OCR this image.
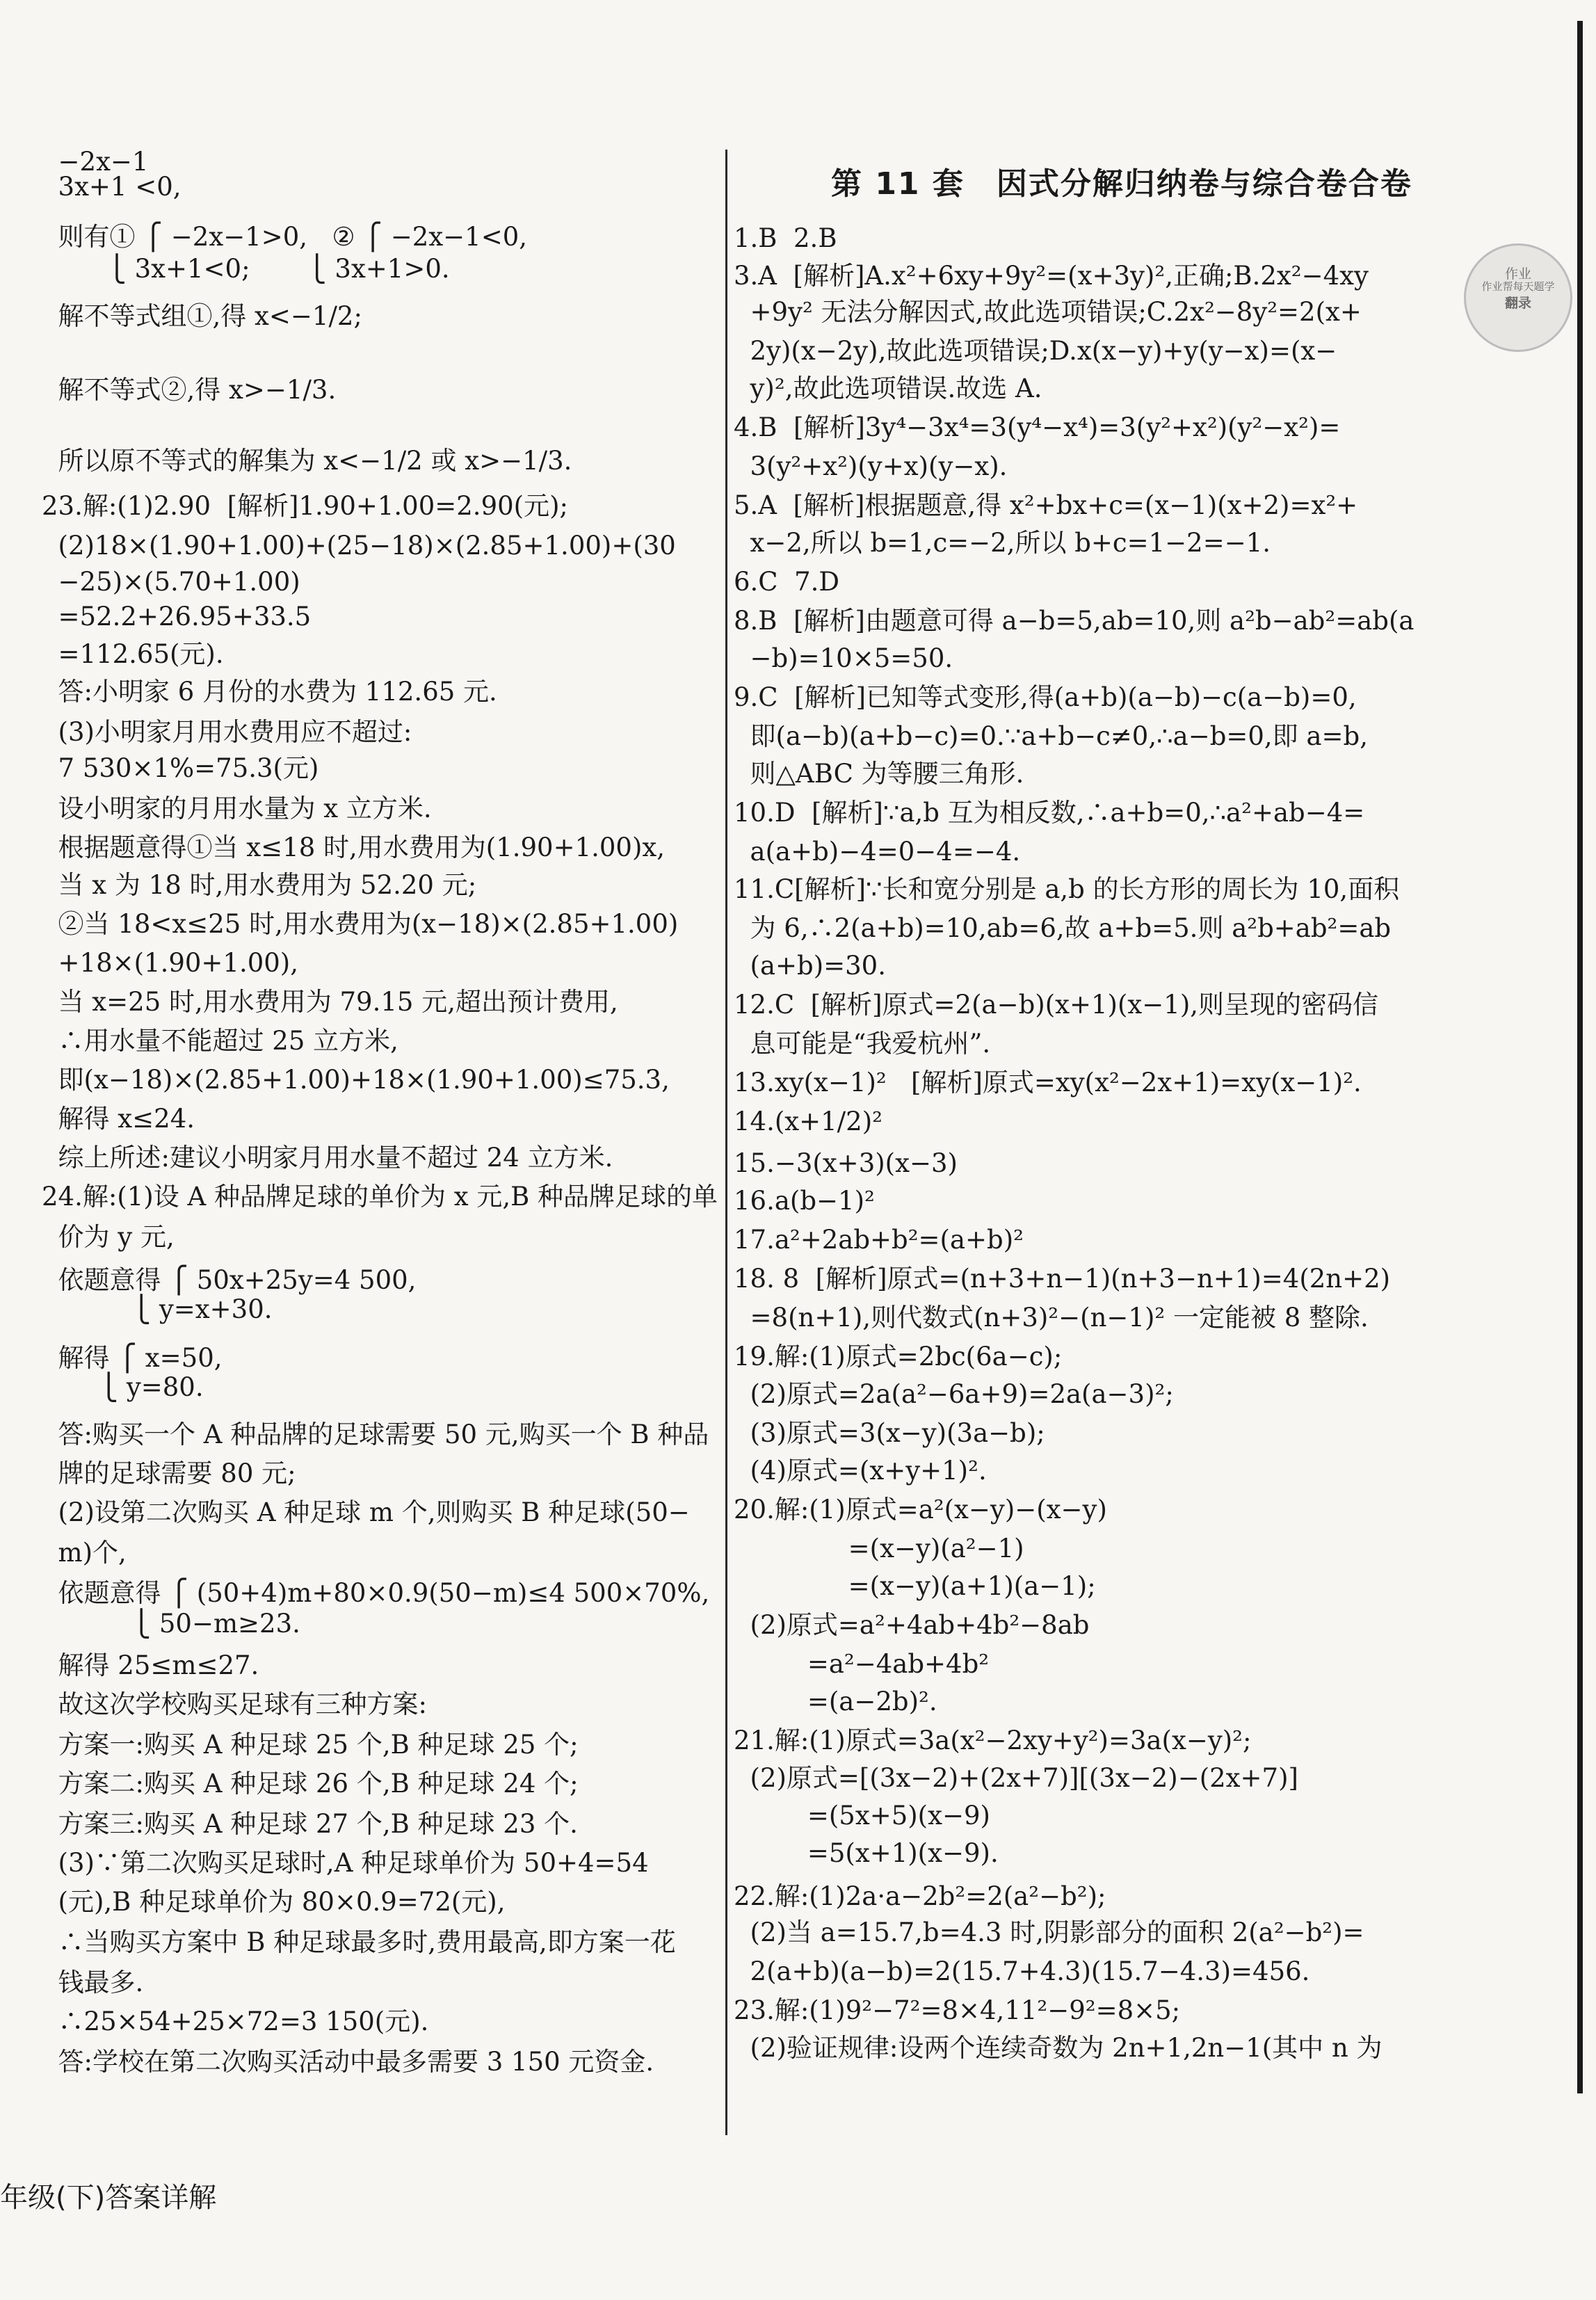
−2x−1
3x+1 <0,
则有① ⎧ −2x−1>0,   ② ⎧ −2x−1<0,
⎩ 3x+1<0;       ⎩ 3x+1>0.
解不等式组①,得 x<−1/2;
解不等式②,得 x>−1/3.
所以原不等式的解集为 x<−1/2 或 x>−1/3.
23.解:(1)2.90  [解析]1.90+1.00=2.90(元);
(2)18×(1.90+1.00)+(25−18)×(2.85+1.00)+(30
−25)×(5.70+1.00)
=52.2+26.95+33.5
=112.65(元).
答:小明家 6 月份的水费为 112.65 元.
(3)小明家月用水费用应不超过:
7 530×1%=75.3(元)
设小明家的月用水量为 x 立方米.
根据题意得①当 x≤18 时,用水费用为(1.90+1.00)x,
当 x 为 18 时,用水费用为 52.20 元;
②当 18<x≤25 时,用水费用为(x−18)×(2.85+1.00)
+18×(1.90+1.00),
当 x=25 时,用水费用为 79.15 元,超出预计费用,
∴用水量不能超过 25 立方米,
即(x−18)×(2.85+1.00)+18×(1.90+1.00)≤75.3,
解得 x≤24.
综上所述:建议小明家月用水量不超过 24 立方米.
24.解:(1)设 A 种品牌足球的单价为 x 元,B 种品牌足球的单
价为 y 元,
依题意得 ⎧ 50x+25y=4 500,
⎩ y=x+30.
解得 ⎧ x=50,
⎩ y=80.
答:购买一个 A 种品牌的足球需要 50 元,购买一个 B 种品
牌的足球需要 80 元;
(2)设第二次购买 A 种足球 m 个,则购买 B 种足球(50−
m)个,
依题意得 ⎧ (50+4)m+80×0.9(50−m)≤4 500×70%,
⎩ 50−m≥23.
解得 25≤m≤27.
故这次学校购买足球有三种方案:
方案一:购买 A 种足球 25 个,B 种足球 25 个;
方案二:购买 A 种足球 26 个,B 种足球 24 个;
方案三:购买 A 种足球 27 个,B 种足球 23 个.
(3)∵第二次购买足球时,A 种足球单价为 50+4=54
(元),B 种足球单价为 80×0.9=72(元),
∴当购买方案中 B 种足球最多时,费用最高,即方案一花
钱最多.
∴25×54+25×72=3 150(元).
答:学校在第二次购买活动中最多需要 3 150 元资金.
第 11 套　因式分解归纳卷与综合卷合卷
1.B  2.B
3.A  [解析]A.x²+6xy+9y²=(x+3y)²,正确;B.2x²−4xy
+9y² 无法分解因式,故此选项错误;C.2x²−8y²=2(x+
2y)(x−2y),故此选项错误;D.x(x−y)+y(y−x)=(x−
y)²,故此选项错误.故选 A.
4.B  [解析]3y⁴−3x⁴=3(y⁴−x⁴)=3(y²+x²)(y²−x²)=
3(y²+x²)(y+x)(y−x).
5.A  [解析]根据题意,得 x²+bx+c=(x−1)(x+2)=x²+
x−2,所以 b=1,c=−2,所以 b+c=1−2=−1.
6.C  7.D
8.B  [解析]由题意可得 a−b=5,ab=10,则 a²b−ab²=ab(a
−b)=10×5=50.
9.C  [解析]已知等式变形,得(a+b)(a−b)−c(a−b)=0,
即(a−b)(a+b−c)=0.∵a+b−c≠0,∴a−b=0,即 a=b,
则△ABC 为等腰三角形.
10.D  [解析]∵a,b 互为相反数,∴a+b=0,∴a²+ab−4=
a(a+b)−4=0−4=−4.
11.C[解析]∵长和宽分别是 a,b 的长方形的周长为 10,面积
为 6,∴2(a+b)=10,ab=6,故 a+b=5.则 a²b+ab²=ab
(a+b)=30.
12.C  [解析]原式=2(a−b)(x+1)(x−1),则呈现的密码信
息可能是“我爱杭州”.
13.xy(x−1)²   [解析]原式=xy(x²−2x+1)=xy(x−1)².
14.(x+1/2)²
15.−3(x+3)(x−3)
16.a(b−1)²
17.a²+2ab+b²=(a+b)²
18. 8  [解析]原式=(n+3+n−1)(n+3−n+1)=4(2n+2)
=8(n+1),则代数式(n+3)²−(n−1)² 一定能被 8 整除.
19.解:(1)原式=2bc(6a−c);
(2)原式=2a(a²−6a+9)=2a(a−3)²;
(3)原式=3(x−y)(3a−b);
(4)原式=(x+y+1)².
20.解:(1)原式=a²(x−y)−(x−y)
=(x−y)(a²−1)
=(x−y)(a+1)(a−1);
(2)原式=a²+4ab+4b²−8ab
=a²−4ab+4b²
=(a−2b)².
21.解:(1)原式=3a(x²−2xy+y²)=3a(x−y)²;
(2)原式=[(3x−2)+(2x+7)][(3x−2)−(2x+7)]
=(5x+5)(x−9)
=5(x+1)(x−9).
22.解:(1)2a·a−2b²=2(a²−b²);
(2)当 a=15.7,b=4.3 时,阴影部分的面积 2(a²−b²)=
2(a+b)(a−b)=2(15.7+4.3)(15.7−4.3)=456.
23.解:(1)9²−7²=8×4,11²−9²=8×5;
(2)验证规律:设两个连续奇数为 2n+1,2n−1(其中 n 为
作业
作业帮每天题学
翻录
年级(下)答案详解
